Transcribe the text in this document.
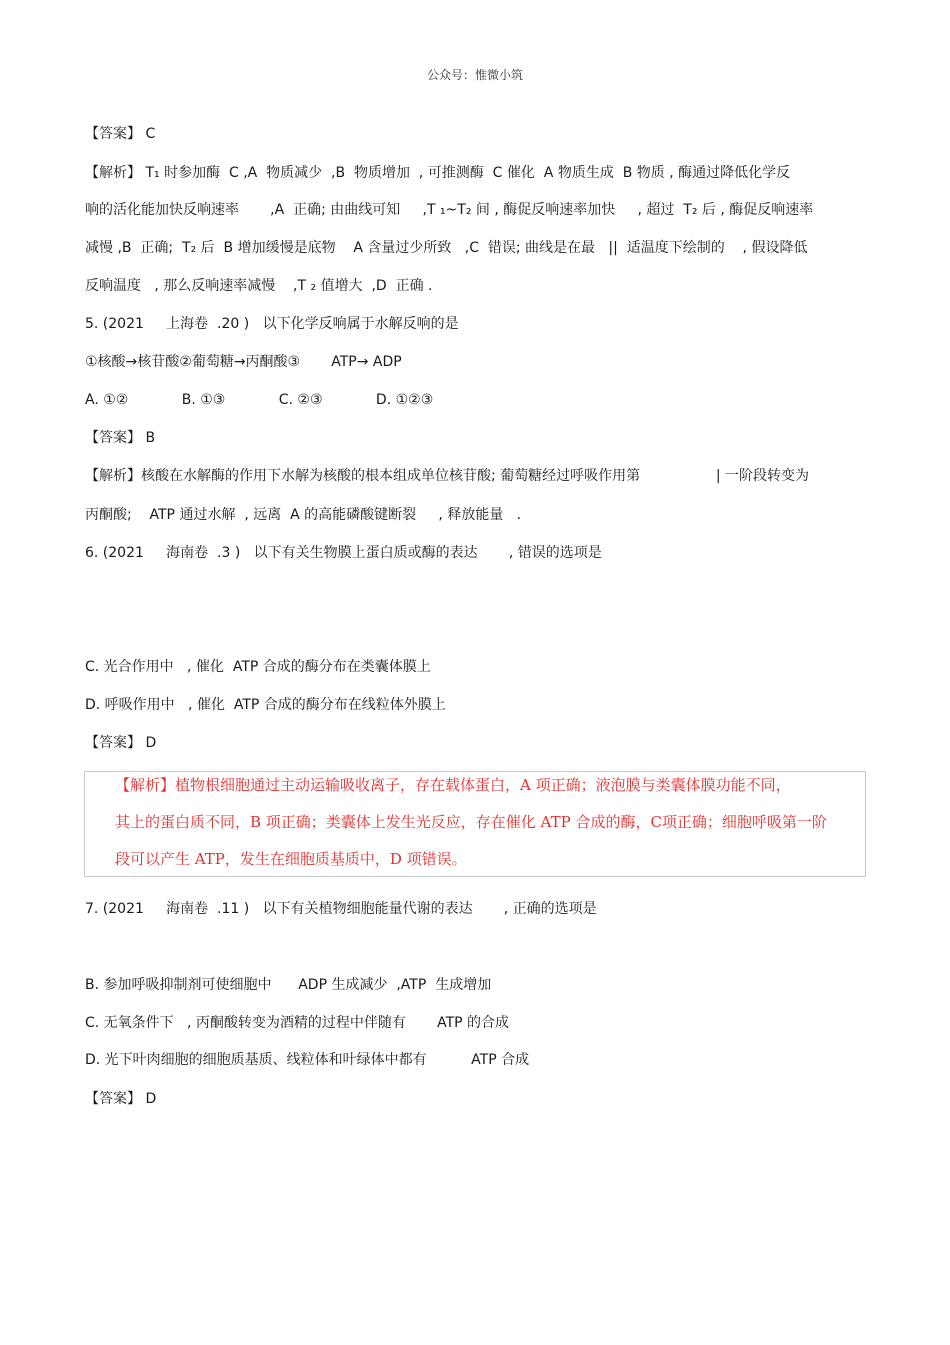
公众号：惟微小筑
【答案】 C
【解析】 T₁ 时参加酶  C ,A  物质减少  ,B  物质增加  , 可推测酶  C 催化  A 物质生成  B 物质 , 酶通过降低化学反
响的活化能加快反响速率       ,A  正确; 由曲线可知     ,T ₁~T₂ 间 , 酶促反响速率加快     , 超过  T₂ 后 , 酶促反响速率
减慢 ,B  正确;  T₂ 后  B 增加缓慢是底物    A 含量过少所致   ,C  错误; 曲线是在最   ||  适温度下绘制的    , 假设降低
反响温度   , 那么反响速率减慢    ,T ₂ 值增大  ,D  正确 .
5. (2021     上海卷  .20 )   以下化学反响属于水解反响的是
①核酸→核苷酸②葡萄糖→丙酮酸③       ATP→ ADP
A. ①②            B. ①③            C. ②③            D. ①②③
【答案】 B
【解析】核酸在水解酶的作用下水解为核酸的根本组成单位核苷酸; 葡萄糖经过呼吸作用第                 | 一阶段转变为
丙酮酸;    ATP 通过水解  , 远离  A 的高能磷酸键断裂     , 释放能量   .
6. (2021     海南卷  .3 )   以下有关生物膜上蛋白质或酶的表达       , 错误的选项是
C. 光合作用中   , 催化  ATP 合成的酶分布在类囊体膜上
D. 呼吸作用中   , 催化  ATP 合成的酶分布在线粒体外膜上
【答案】 D
7. (2021     海南卷  .11 )   以下有关植物细胞能量代谢的表达       , 正确的选项是
B. 参加呼吸抑制剂可使细胞中      ADP 生成减少  ,ATP  生成增加
C. 无氧条件下   , 丙酮酸转变为酒精的过程中伴随有       ATP 的合成
D. 光下叶肉细胞的细胞质基质、线粒体和叶绿体中都有          ATP 合成
【答案】 D
【解析】植物根细胞通过主动运输吸收离子，存在载体蛋白，A 项正确；液泡膜与类囊体膜功能不同，
其上的蛋白质不同，B 项正确；类囊体上发生光反应，存在催化 ATP 合成的酶，C项正确；细胞呼吸第一阶
段可以产生 ATP，发生在细胞质基质中，D 项错误。
